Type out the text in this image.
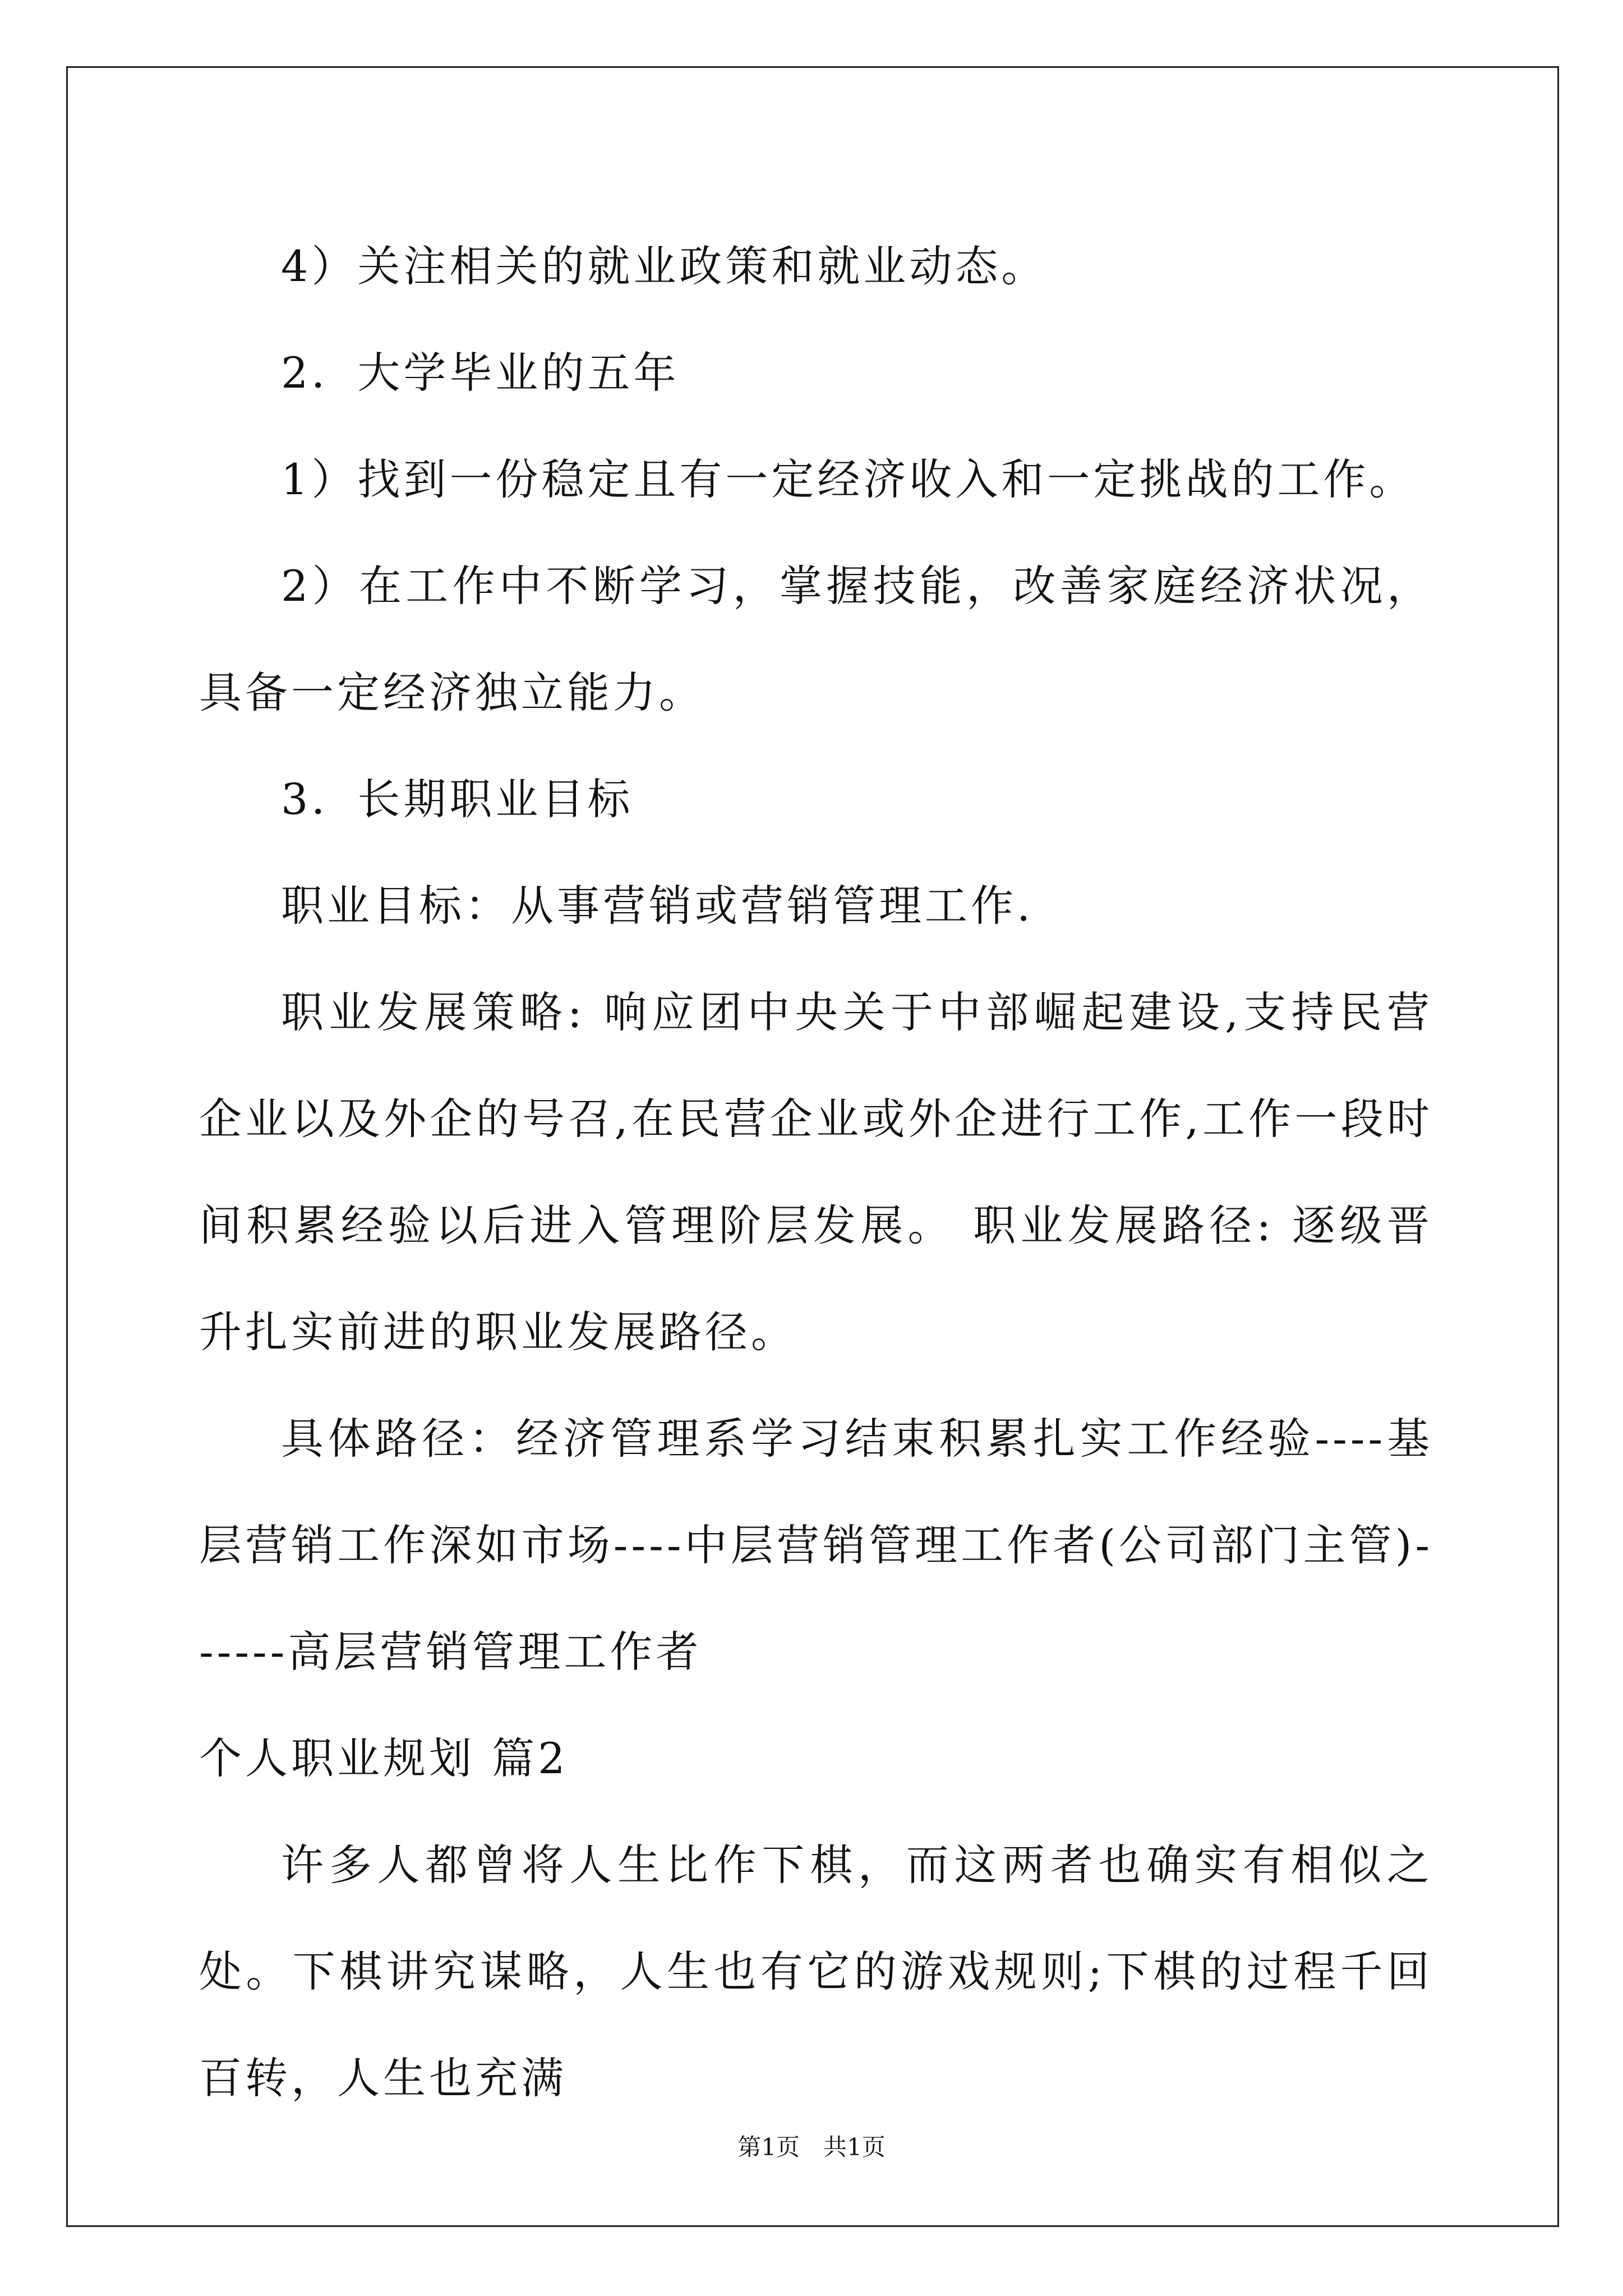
4）关注相关的就业政策和就业动态。

2．大学毕业的五年

1）找到一份稳定且有一定经济收入和一定挑战的工作。

2）在工作中不断学习，掌握技能，改善家庭经济状况，具备一定经济独立能力。

3．长期职业目标

职业目标：从事营销或营销管理工作.

职业发展策略: 响应团中央关于中部崛起建设,支持民营企业以及外企的号召,在民营企业或外企进行工作,工作一段时间积累经验以后进入管理阶层发展。 职业发展路径: 逐级晋升扎实前进的职业发展路径。

具体路径：经济管理系学习结束积累扎实工作经验----基层营销工作深如市场----中层营销管理工作者(公司部门主管)------高层营销管理工作者

个人职业规划 篇2

许多人都曾将人生比作下棋，而这两者也确实有相似之处。下棋讲究谋略，人生也有它的游戏规则;下棋的过程千回百转，人生也充满

第1页　共1页
